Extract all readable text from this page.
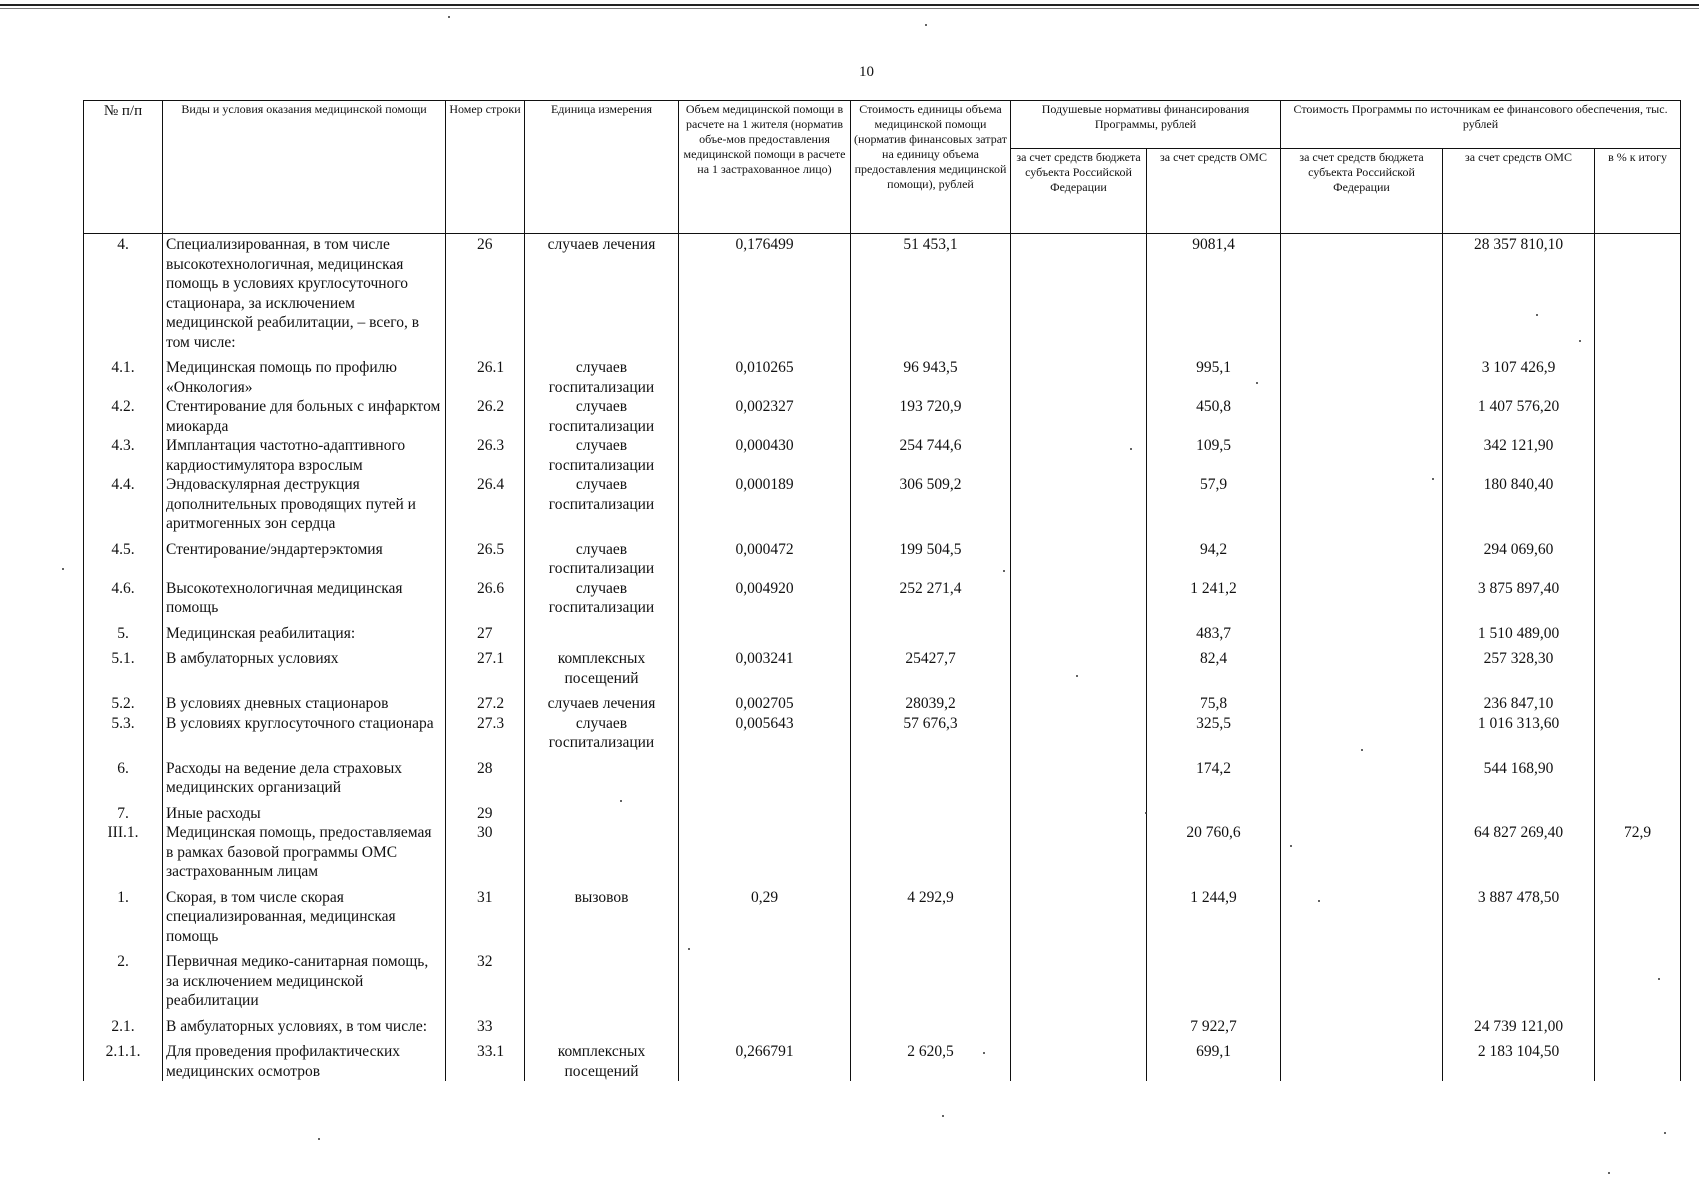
10
№ п/п	Виды и условия оказания медицинской помощи	Номер строки	Единица измерения	Объем медицинской помощи в расчете на 1 жителя (норматив объе-мов предоставления медицинской помощи в расчете на 1 застрахованное лицо)	Стоимость единицы объема медицинской помощи (норматив финансовых затрат на единицу объема предоставления медицинской помощи), рублей	Подушевые нормативы финансирования Программы, рублей		Стоимость Программы по источникам ее финансового обеспечения, тыс. рублей		
						за счет средств бюджета субъекта Российской Федерации	за счет средств ОМС	за счет средств бюджета субъекта Российской Федерации	за счет средств ОМС	в % к итогу
4.	Специализированная, в том числе высокотехнологичная, медицинская помощь в условиях круглосуточного стационара, за исключением медицинской реабилитации, – всего, в том числе:	26	случаев лечения	0,176499	51 453,1		9081,4		28 357 810,10	
4.1.	Медицинская помощь по профилю «Онкология»	26.1	случаев госпитализации	0,010265	96 943,5		995,1		3 107 426,9	
4.2.	Стентирование для больных с инфарктом миокарда	26.2	случаев госпитализации	0,002327	193 720,9		450,8		1 407 576,20	
4.3.	Имплантация частотно-адаптивного кардиостимулятора взрослым	26.3	случаев госпитализации	0,000430	254 744,6		109,5		342 121,90	
4.4.	Эндоваскулярная деструкция дополнительных проводящих путей и аритмогенных зон сердца	26.4	случаев госпитализации	0,000189	306 509,2		57,9		180 840,40	
4.5.	Стентирование/эндартерэктомия	26.5	случаев госпитализации	0,000472	199 504,5		94,2		294 069,60	
4.6.	Высокотехнологичная медицинская помощь	26.6	случаев госпитализации	0,004920	252 271,4		1 241,2		3 875 897,40	
5.	Медицинская реабилитация:	27					483,7		1 510 489,00	
5.1.	В амбулаторных условиях	27.1	комплексных посещений	0,003241	25427,7		82,4		257 328,30	
5.2.	В условиях дневных стационаров	27.2	случаев лечения	0,002705	28039,2		75,8		236 847,10	
5.3.	В условиях круглосуточного стационара	27.3	случаев госпитализации	0,005643	57 676,3		325,5		1 016 313,60	
6.	Расходы на ведение дела страховых медицинских организаций	28					174,2		544 168,90	
7.	Иные расходы	29								
III.1.	Медицинская помощь, предоставляемая в рамках базовой программы ОМС застрахованным лицам	30					20 760,6		64 827 269,40	72,9
1.	Скорая, в том числе скорая специализированная, медицинская помощь	31	вызовов	0,29	4 292,9		1 244,9		3 887 478,50	
2.	Первичная медико-санитарная помощь, за исключением медицинской реабилитации	32								
2.1.	В амбулаторных условиях, в том числе:	33					7 922,7		24 739 121,00	
2.1.1.	Для проведения профилактических медицинских осмотров	33.1	комплексных посещений	0,266791	2 620,5		699,1		2 183 104,50	
